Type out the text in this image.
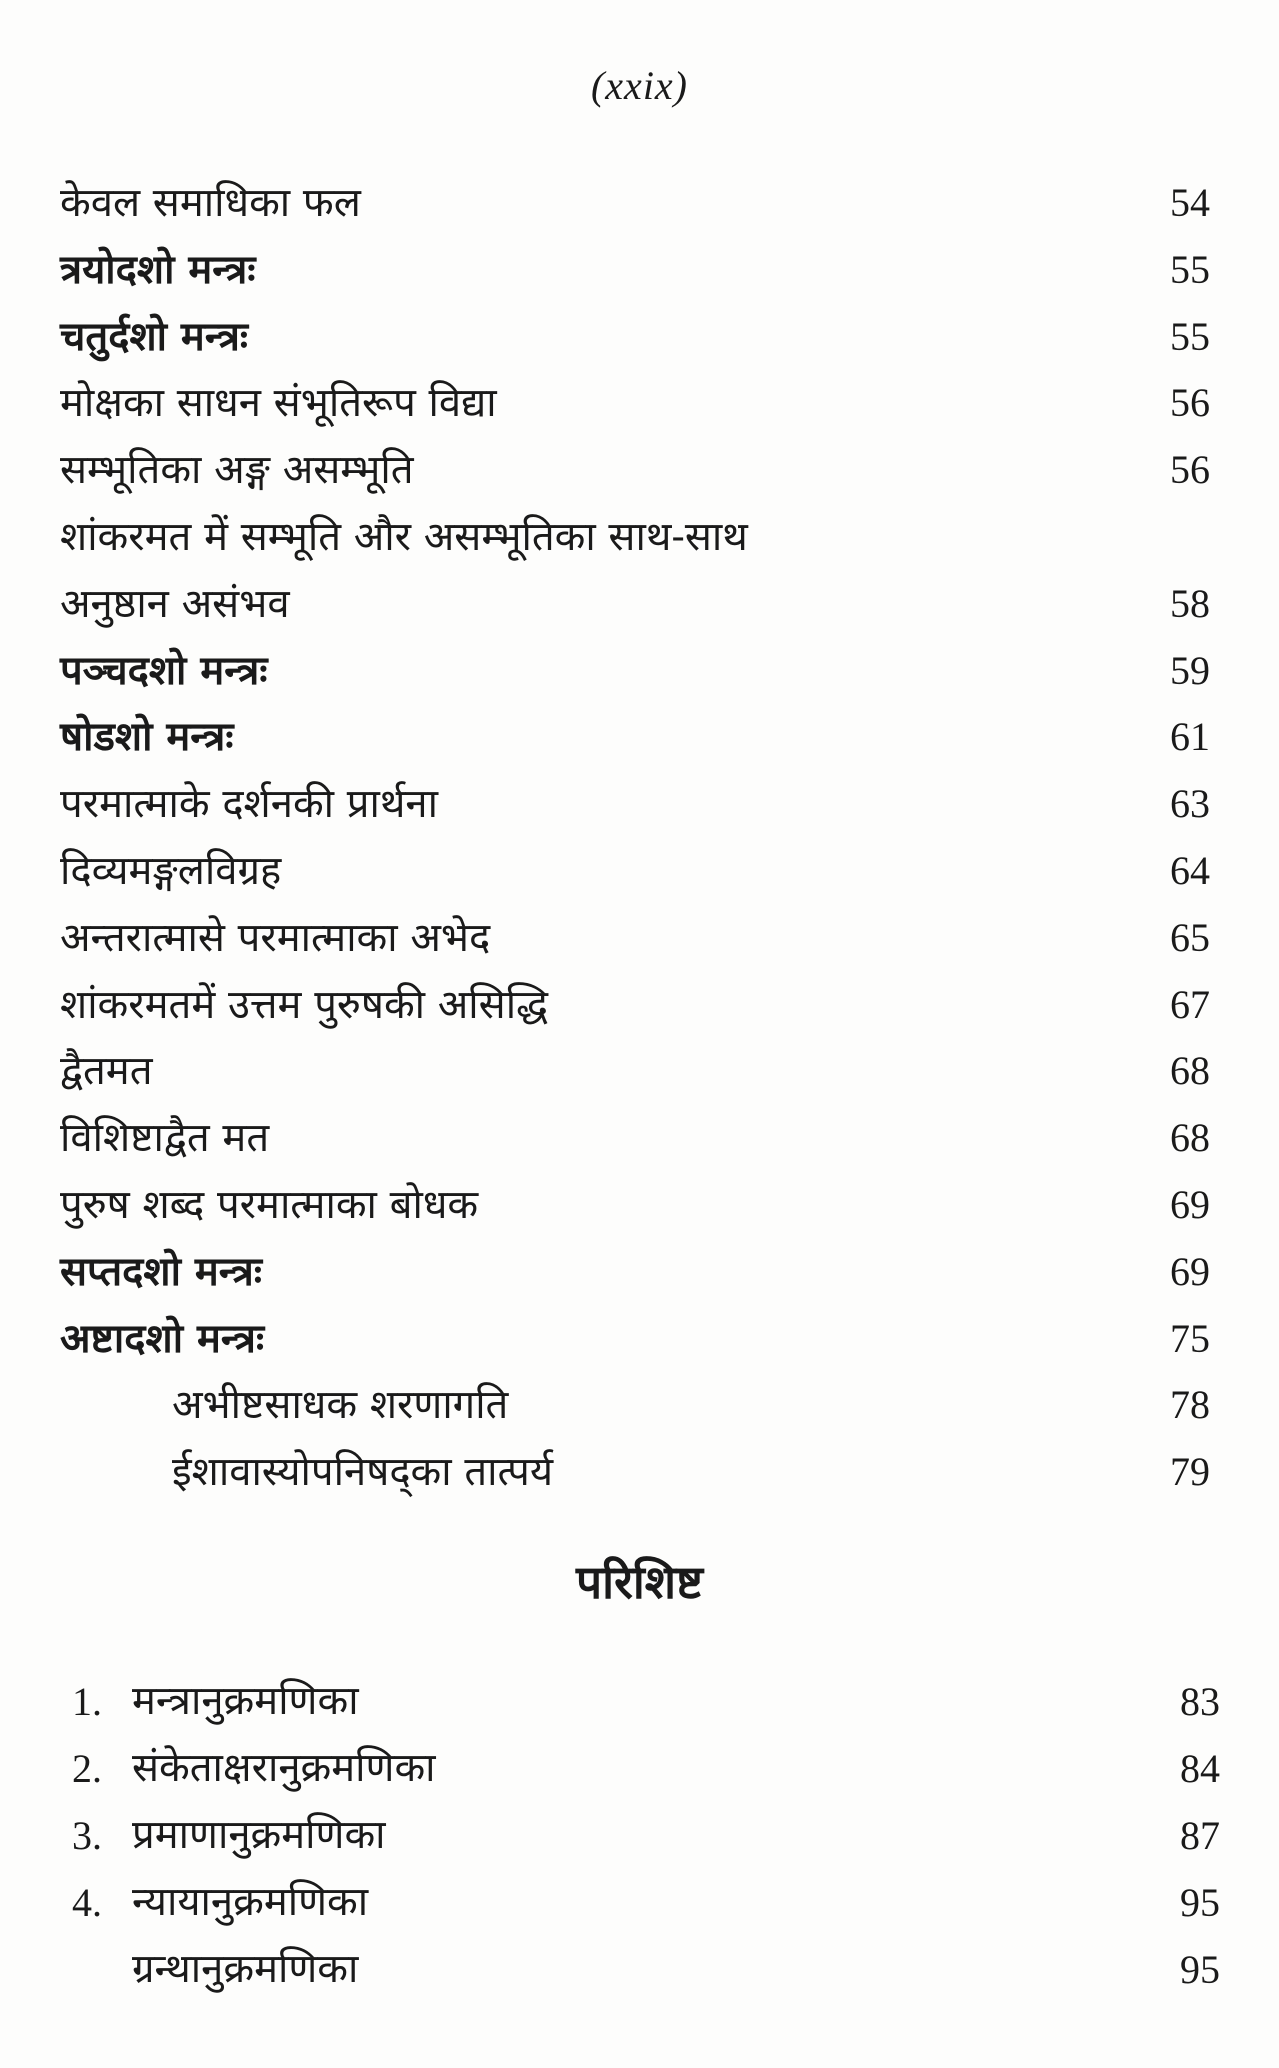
(xxix)
केवल समाधिका फल	54
त्रयोदशो मन्त्रः	55
चतुर्दशो मन्त्रः	55
मोक्षका साधन संभूतिरूप विद्या	56
सम्भूतिका अङ्ग असम्भूति	56
शांकरमत में सम्भूति और असम्भूतिका साथ-साथ
अनुष्ठान असंभव	58
पञ्चदशो मन्त्रः	59
षोडशो मन्त्रः	61
परमात्माके दर्शनकी प्रार्थना	63
दिव्यमङ्गलविग्रह	64
अन्तरात्मासे परमात्माका अभेद	65
शांकरमतमें उत्तम पुरुषकी असिद्धि	67
द्वैतमत	68
विशिष्टाद्वैत मत	68
पुरुष शब्द परमात्माका बोधक	69
सप्तदशो मन्त्रः	69
अष्टादशो मन्त्रः	75
अभीष्टसाधक शरणागति	78
ईशावास्योपनिषद्का तात्पर्य	79
परिशिष्ट
1. मन्त्रानुक्रमणिका	83
2. संकेताक्षरानुक्रमणिका	84
3. प्रमाणानुक्रमणिका	87
4. न्यायानुक्रमणिका	95
ग्रन्थानुक्रमणिका	95
